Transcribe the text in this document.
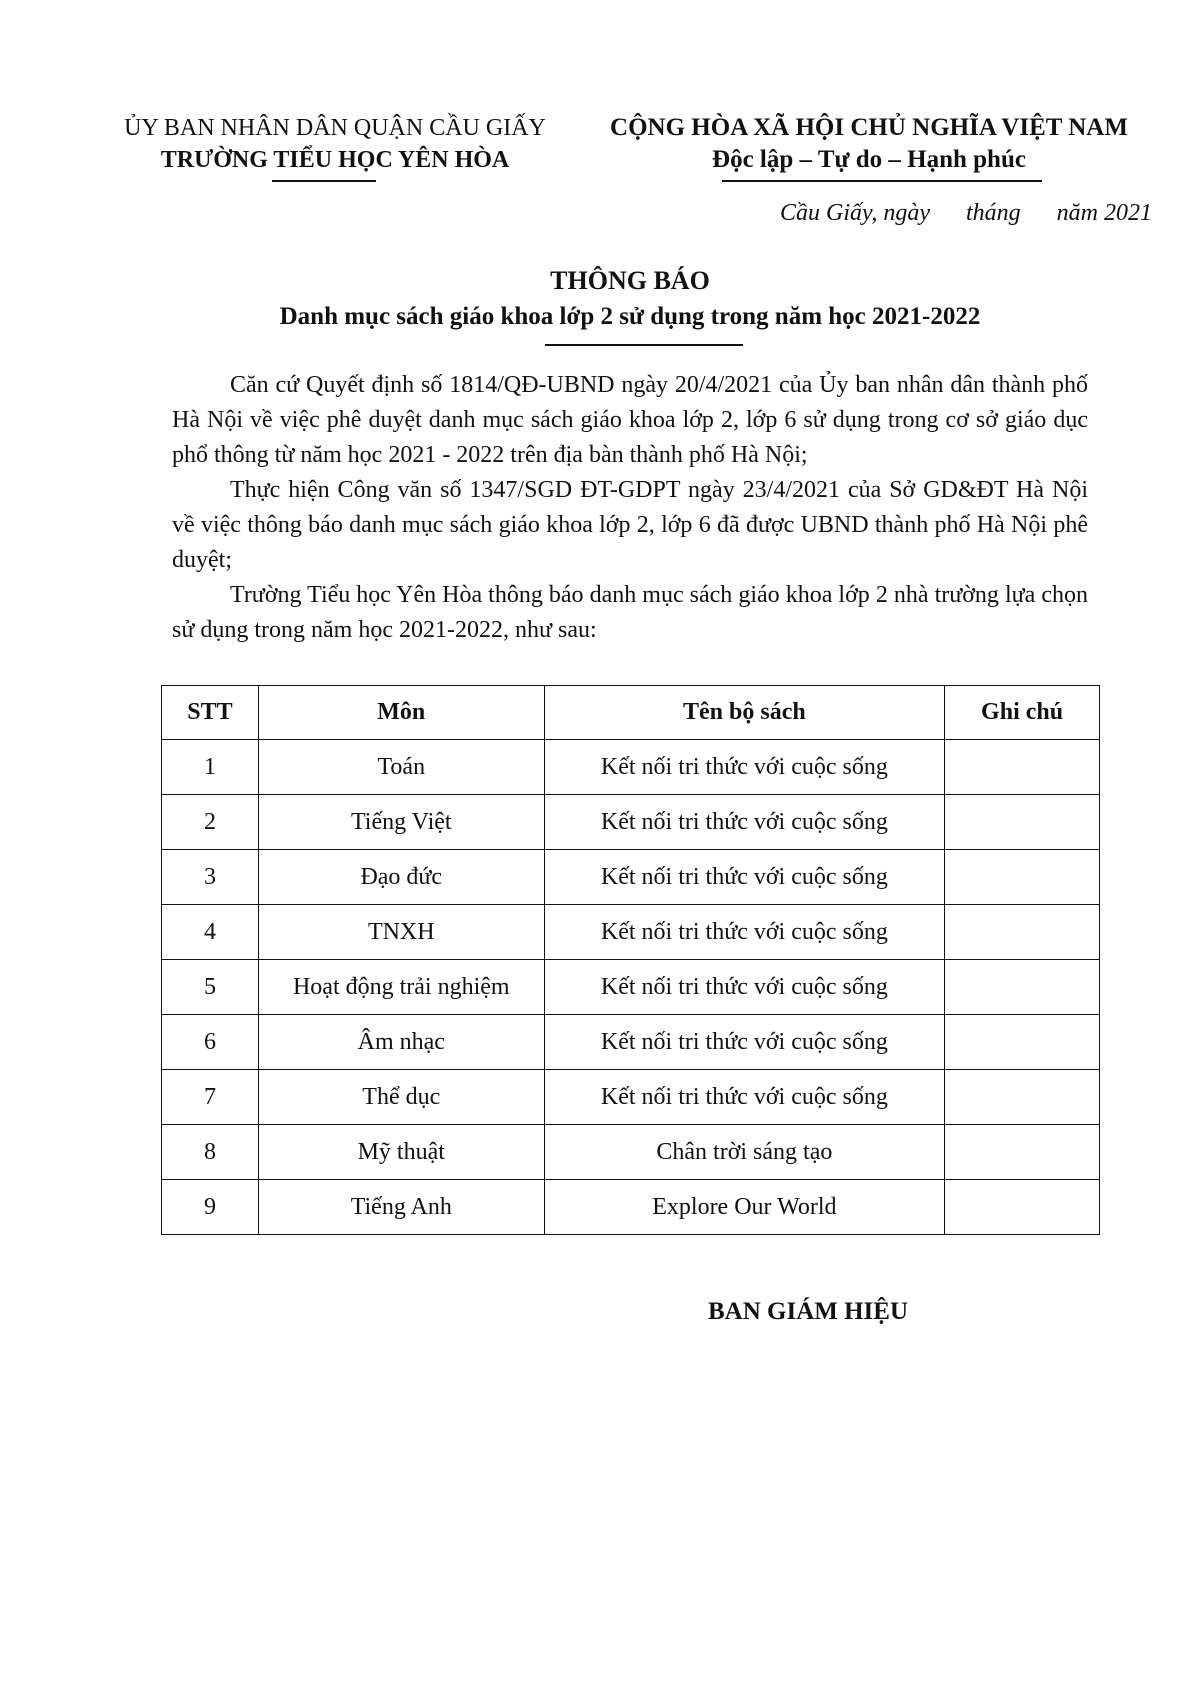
ỦY BAN NHÂN DÂN QUẬN CẦU GIẤY
TRƯỜNG TIỂU HỌC YÊN HÒA
CỘNG HÒA XÃ HỘI CHỦ NGHĨA VIỆT NAM
Độc lập – Tự do – Hạnh phúc
Cầu Giấy, ngày      tháng      năm 2021
THÔNG BÁO
Danh mục sách giáo khoa lớp 2 sử dụng trong năm học 2021-2022

Căn cứ Quyết định số 1814/QĐ-UBND ngày 20/4/2021 của Ủy ban nhân dân thành phố Hà Nội về việc phê duyệt danh mục sách giáo khoa lớp 2, lớp 6 sử dụng trong cơ sở giáo dục phổ thông từ năm học 2021 - 2022 trên địa bàn thành phố Hà Nội;

Thực hiện Công văn số 1347/SGD ĐT-GDPT ngày 23/4/2021 của Sở GD&ĐT Hà Nội về việc thông báo danh mục sách giáo khoa lớp 2, lớp 6 đã được UBND thành phố Hà Nội phê duyệt;

Trường Tiểu học Yên Hòa thông báo danh mục sách giáo khoa lớp 2 nhà trường lựa chọn sử dụng trong năm học 2021-2022, như sau:

STT	Môn	Tên bộ sách	Ghi chú
1	Toán	Kết nối tri thức với cuộc sống	
2	Tiếng Việt	Kết nối tri thức với cuộc sống	
3	Đạo đức	Kết nối tri thức với cuộc sống	
4	TNXH	Kết nối tri thức với cuộc sống	
5	Hoạt động trải nghiệm	Kết nối tri thức với cuộc sống	
6	Âm nhạc	Kết nối tri thức với cuộc sống	
7	Thể dục	Kết nối tri thức với cuộc sống	
8	Mỹ thuật	Chân trời sáng tạo	
9	Tiếng Anh	Explore Our World	
BAN GIÁM HIỆU
